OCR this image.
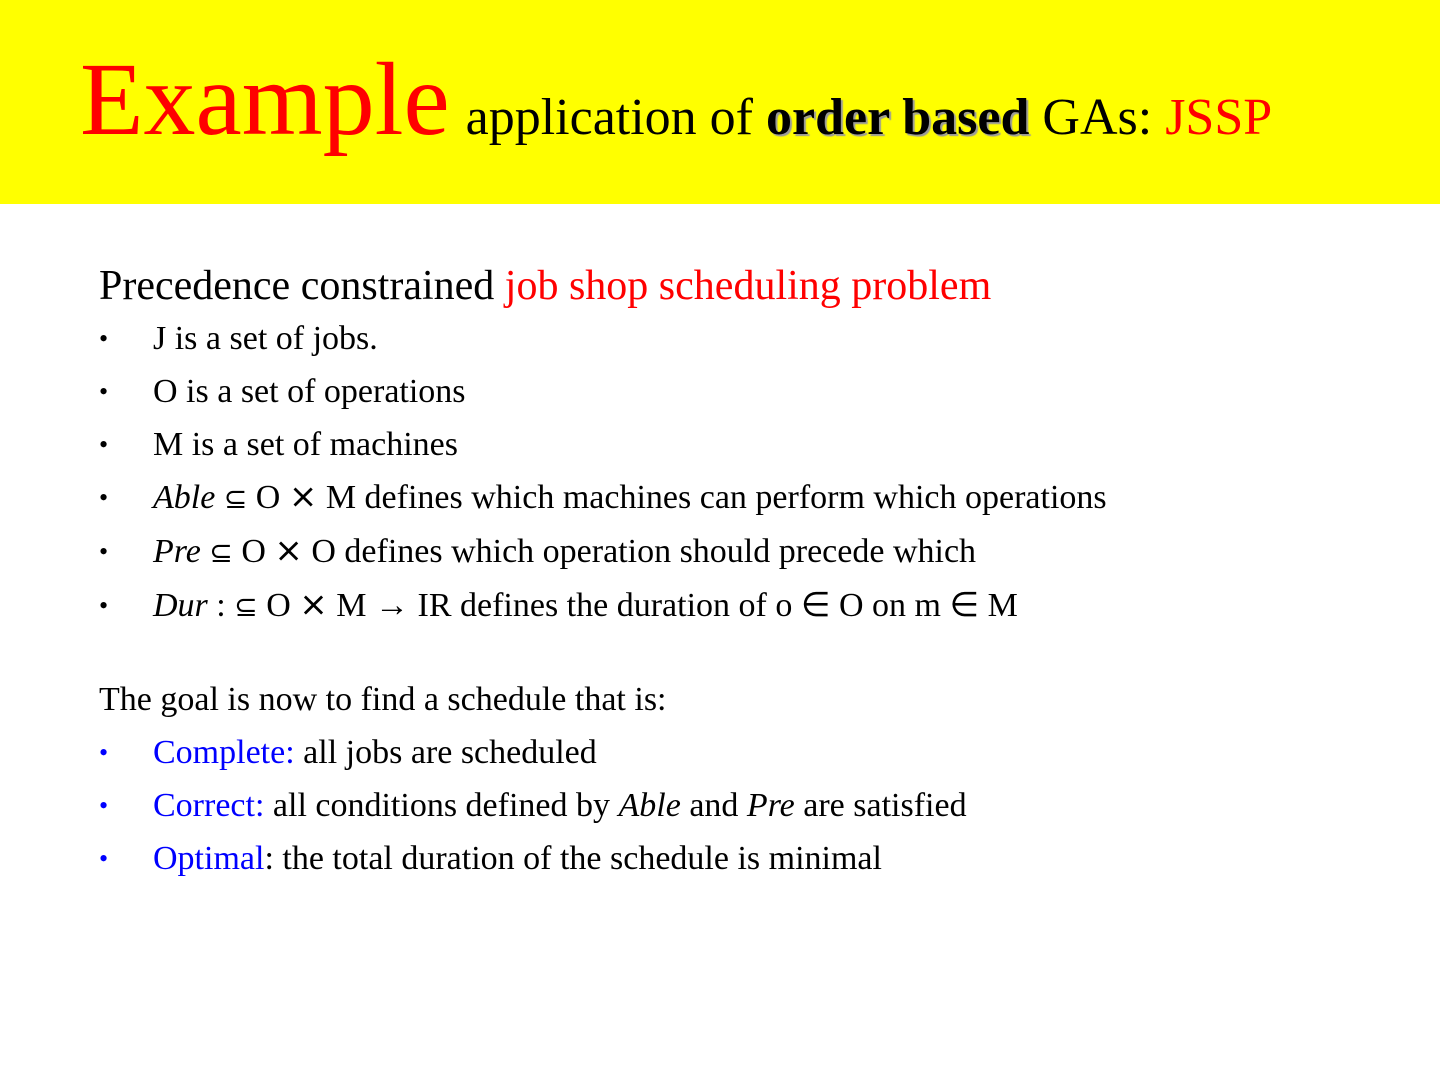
Example application of order based GAs: JSSP
Precedence constrained job shop scheduling problem
•	J is a set of jobs.
•	O is a set of operations
•	M is a set of machines
•	Able ⊆ O ⨯ M defines which machines can perform which operations
•	Pre ⊆ O ⨯ O defines which operation should precede which
•	Dur : ⊆ O ⨯ M → IR defines the duration of o ∈ O on m ∈ M
The goal is now to find a schedule that is:
•	Complete: all jobs are scheduled
•	Correct: all conditions defined by Able and Pre are satisfied
•	Optimal: the total duration of the schedule is minimal
